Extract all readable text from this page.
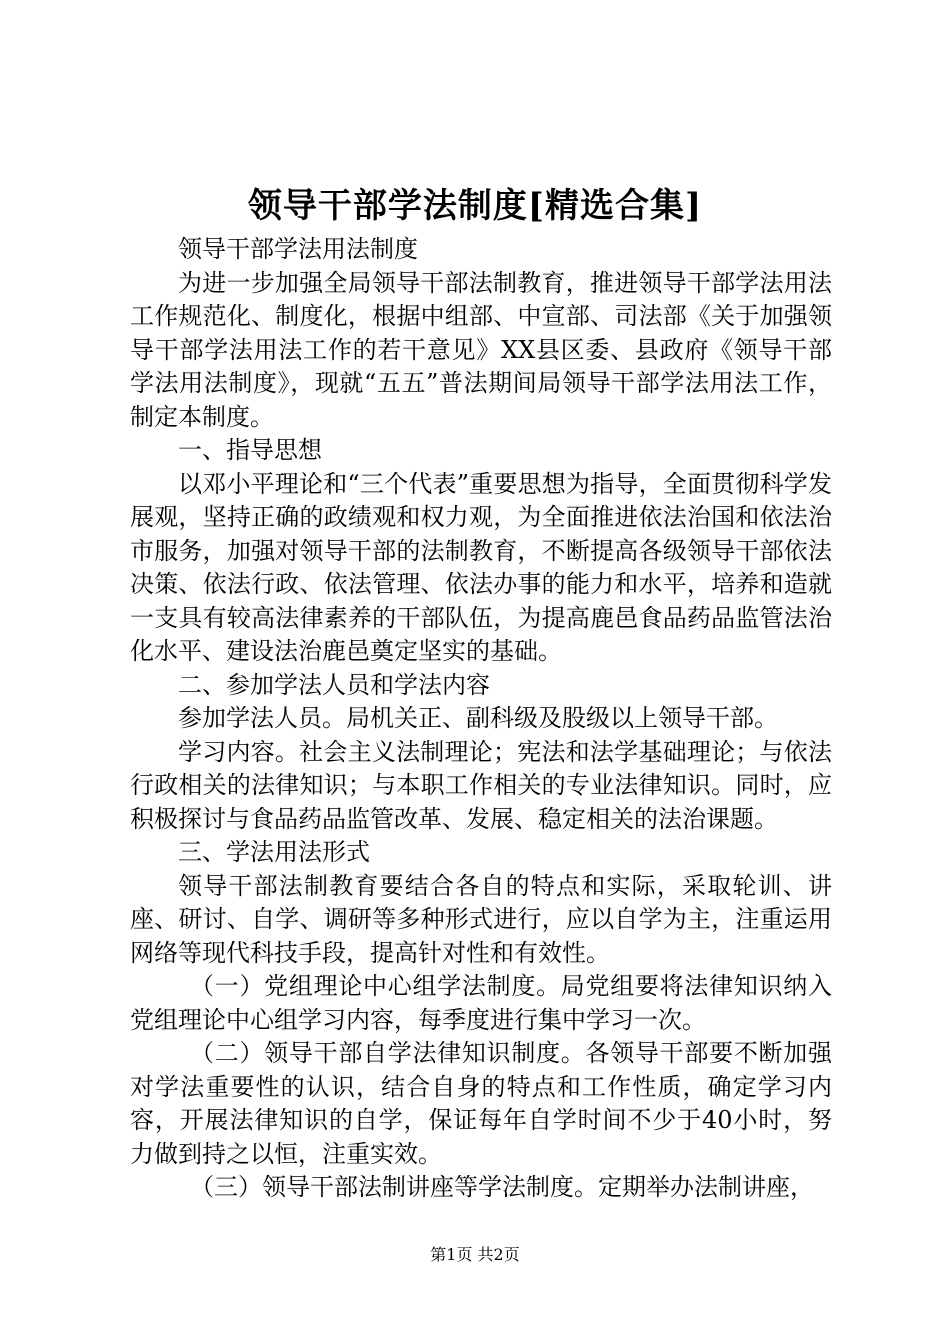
领导干部学法制度[精选合集]

领导干部学法用法制度

为进一步加强全局领导干部法制教育，推进领导干部学法用法工作规范化、制度化，根据中组部、中宣部、司法部《关于加强领导干部学法用法工作的若干意见》XX县区委、县政府《领导干部学法用法制度》，现就“五五”普法期间局领导干部学法用法工作，制定本制度。

一、指导思想

以邓小平理论和“三个代表”重要思想为指导，全面贯彻科学发展观，坚持正确的政绩观和权力观，为全面推进依法治国和依法治市服务，加强对领导干部的法制教育，不断提高各级领导干部依法决策、依法行政、依法管理、依法办事的能力和水平，培养和造就一支具有较高法律素养的干部队伍，为提高鹿邑食品药品监管法治化水平、建设法治鹿邑奠定坚实的基础。

二、参加学法人员和学法内容

参加学法人员。局机关正、副科级及股级以上领导干部。

学习内容。社会主义法制理论；宪法和法学基础理论；与依法行政相关的法律知识；与本职工作相关的专业法律知识。同时，应积极探讨与食品药品监管改革、发展、稳定相关的法治课题。

三、学法用法形式

领导干部法制教育要结合各自的特点和实际，采取轮训、讲座、研讨、自学、调研等多种形式进行，应以自学为主，注重运用网络等现代科技手段，提高针对性和有效性。

（一）党组理论中心组学法制度。局党组要将法律知识纳入党组理论中心组学习内容，每季度进行集中学习一次。

（二）领导干部自学法律知识制度。各领导干部要不断加强对学法重要性的认识，结合自身的特点和工作性质，确定学习内容，开展法律知识的自学，保证每年自学时间不少于40小时，努力做到持之以恒，注重实效。

（三）领导干部法制讲座等学法制度。定期举办法制讲座，

第1页 共2页
